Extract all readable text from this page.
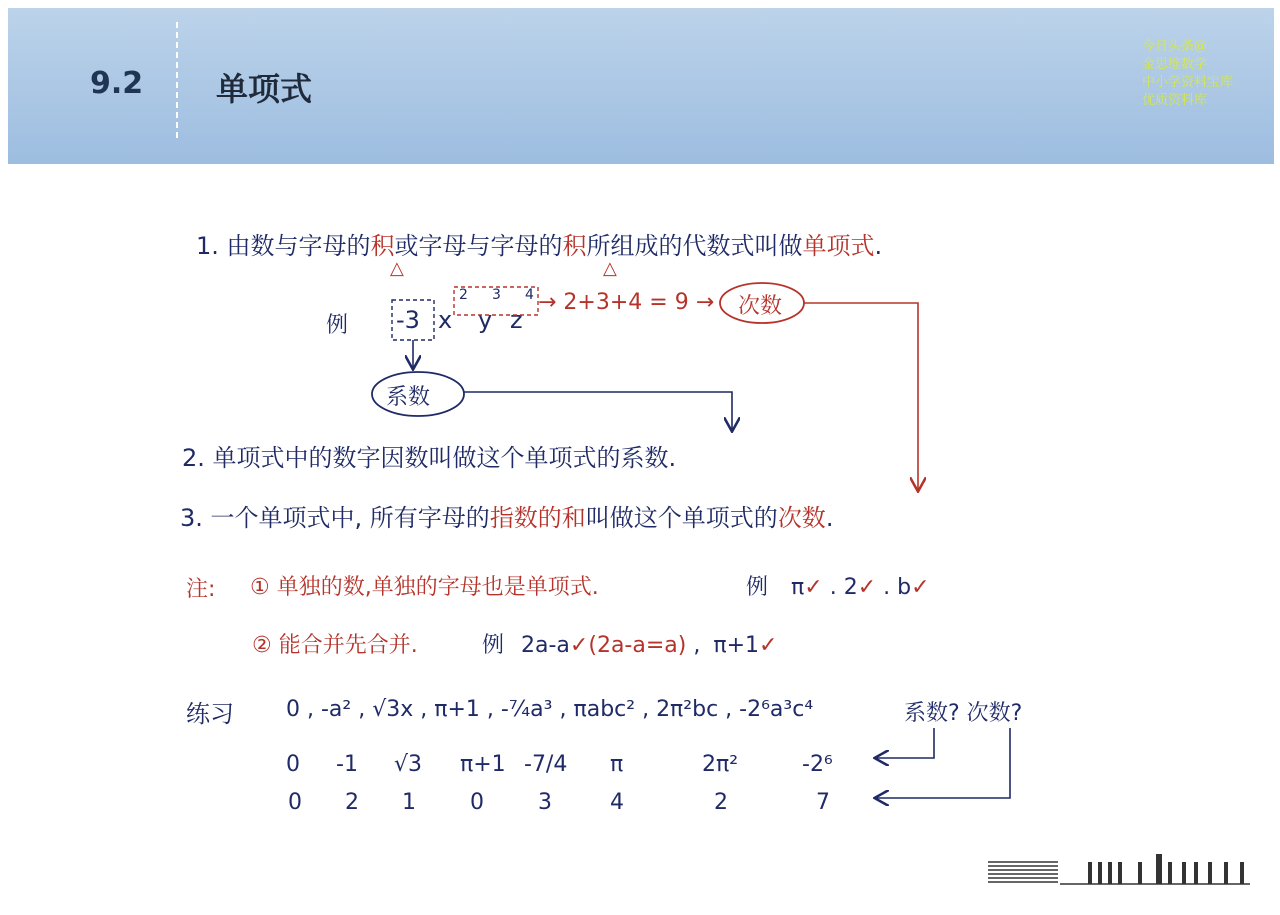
9.2 单项式
今日头条@
金思维数学
中小学资料宝库
优质资料库
1. 由数与字母的积或字母与字母的积所组成的代数式叫做单项式.
△	△
例 -3 x y z
2 3 4 → 2+3+4 = 9 → 次数
系数
2. 单项式中的数字因数叫做这个单项式的系数.
3. 一个单项式中, 所有字母的指数的和叫做这个单项式的次数.
注: ① 单独的数,单独的字母也是单项式.	例 π✓ . 2✓ . b✓
② 能合并先合并.	例 2a-a✓(2a-a=a) , π+1✓
练习 0 , -a² , √3x , π+1 , -⁷⁄₄a³ , πabc² , 2π²bc , -2⁶a³c⁴	系数? 次数?
0 -1 √3 π+1 -7/4 π	2π²	-2⁶
0 2 1 0 3	4	2	7
